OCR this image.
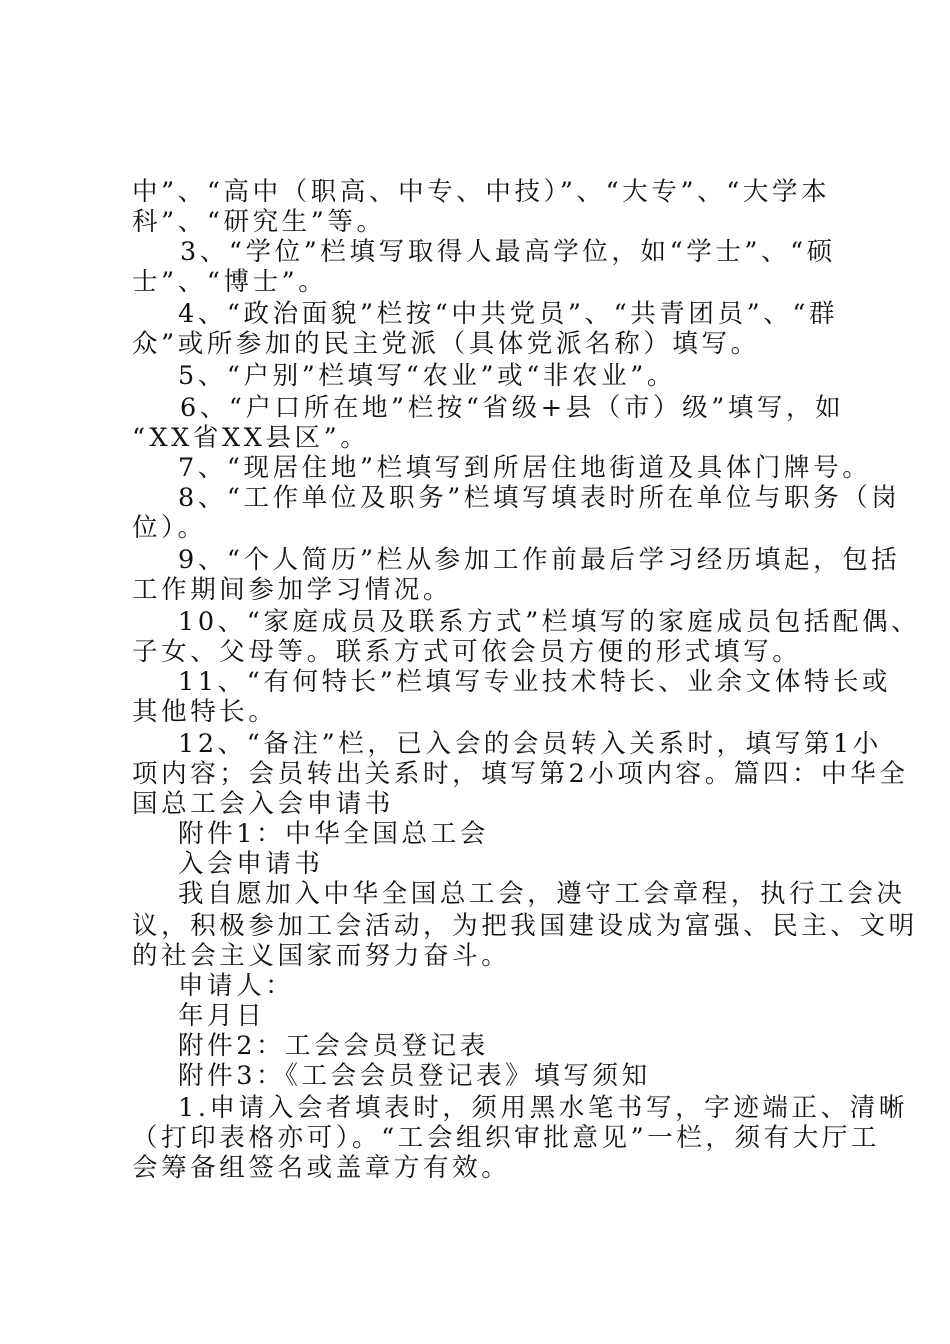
中”、“高中（职高、中专、中技）”、“大专”、“大学本
科”、“研究生”等。
3、“学位”栏填写取得人最高学位，如“学士”、“硕
士”、“博士”。
4、“政治面貌”栏按“中共党员”、“共青团员”、“群
众”或所参加的民主党派（具体党派名称）填写。
5、“户别”栏填写“农业”或“非农业”。
6、“户口所在地”栏按“省级+县（市）级”填写，如
“XX省XX县区”。
7、“现居住地”栏填写到所居住地街道及具体门牌号。
8、“工作单位及职务”栏填写填表时所在单位与职务（岗
位）。
9、“个人简历”栏从参加工作前最后学习经历填起，包括
工作期间参加学习情况。
10、“家庭成员及联系方式”栏填写的家庭成员包括配偶、
子女、父母等。联系方式可依会员方便的形式填写。
11、“有何特长”栏填写专业技术特长、业余文体特长或
其他特长。
12、“备注”栏，已入会的会员转入关系时，填写第1小
项内容；会员转出关系时，填写第2小项内容。篇四：中华全
国总工会入会申请书
附件1：中华全国总工会
入会申请书
我自愿加入中华全国总工会，遵守工会章程，执行工会决
议，积极参加工会活动，为把我国建设成为富强、民主、文明
的社会主义国家而努力奋斗。
申请人：
年月日
附件2：工会会员登记表
附件3：《工会会员登记表》填写须知
1.申请入会者填表时，须用黑水笔书写，字迹端正、清晰
（打印表格亦可）。“工会组织审批意见”一栏，须有大厅工
会筹备组签名或盖章方有效。
